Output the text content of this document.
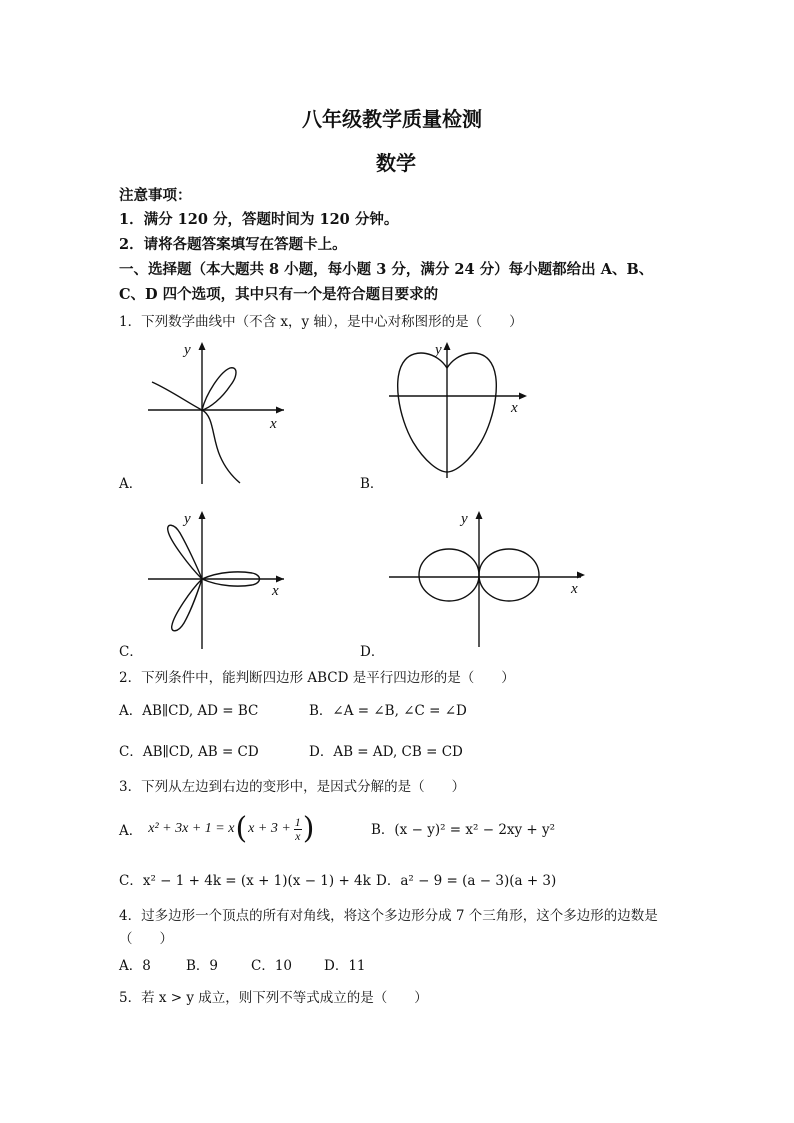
八年级教学质量检测
数学
注意事项：
1．满分 120 分，答题时间为 120 分钟。
2．请将各题答案填写在答题卡上。
一、选择题（本大题共 8 小题，每小题 3 分，满分 24 分）每小题都给出 A、B、
C、D 四个选项，其中只有一个是符合题目要求的
1．下列数学曲线中（不含 x，y 轴），是中心对称图形的是（　　）
y
x
A．
y
x
B．
y
x
C．
y
x
D．
2．下列条件中，能判断四边形 ABCD 是平行四边形的是（　　）
A．AB∥CD, AD = BC	B．∠A = ∠B, ∠C = ∠D
C．AB∥CD, AB = CD	D．AB = AD, CB = CD
3．下列从左边到右边的变形中，是因式分解的是（　　）
A． x² + 3x + 1 = x ( $x + 3 + \frac{1}{x}$ )	B．(x − y)² = x² − 2xy + y²
C．x² − 1 + 4k = (x + 1)(x − 1) + 4k D．a² − 9 = (a − 3)(a + 3)
4．过多边形一个顶点的所有对角线，将这个多边形分成 7 个三角形，这个多边形的边数是
（　　）
A．8	B．9 C．10 D．11
5．若 x > y 成立，则下列不等式成立的是（　　）
